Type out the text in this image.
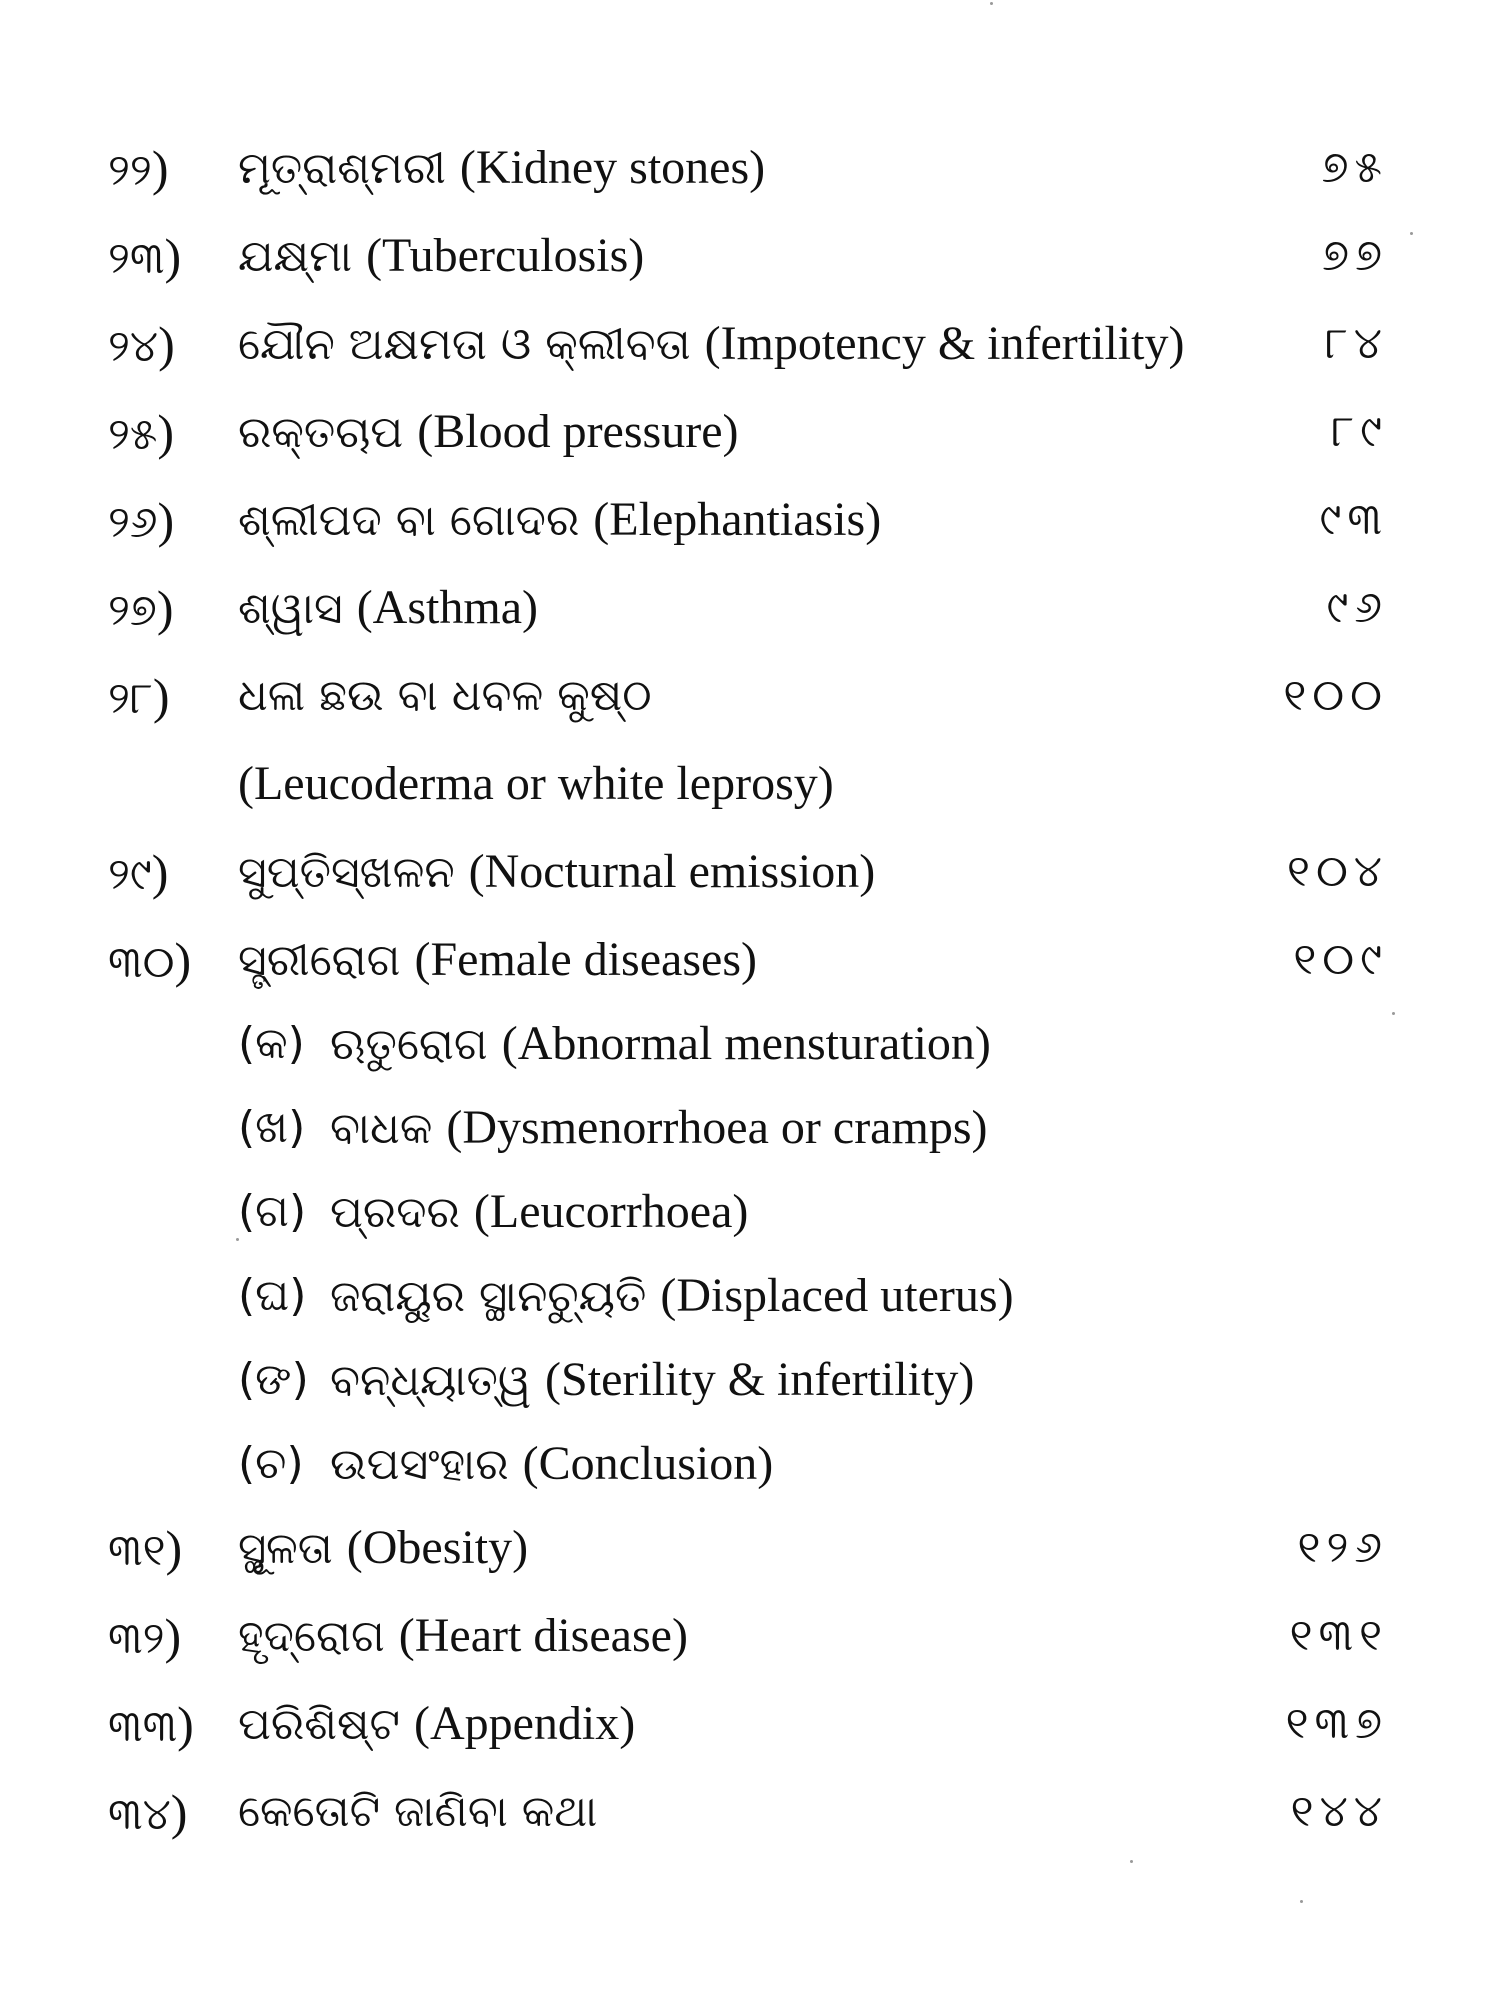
୨୨) ମୂତ୍ରାଶ୍ମରୀ (Kidney stones)	୭୫
୨୩) ଯକ୍ଷ୍ମା (Tuberculosis)	୭୭
୨୪) ଯୌନ ଅକ୍ଷମତା ଓ କ୍ଲୀବତା (Impotency & infertility)	୮୪
୨୫) ରକ୍ତଚାପ (Blood pressure)	୮୯
୨୬) ଶ୍ଲୀପଦ ବା ଗୋଦର (Elephantiasis)	୯୩
୨୭) ଶ୍ୱାସ (Asthma)	୯୬
୨୮) ଧଳା ଛଉ ବା ଧବଳ କୁଷ୍ଠ	୧୦୦
(Leucoderma or white leprosy)
୨୯) ସୁପ୍ତିସ୍ଖଳନ (Nocturnal emission)	୧୦୪
୩୦) ସ୍ତ୍ରୀରୋଗ (Female diseases)	୧୦୯
(କ) ଋତୁରୋଗ (Abnormal mensturation)
(ଖ) ବାଧକ (Dysmenorrhoea or cramps)
(ଗ) ପ୍ରଦର (Leucorrhoea)
(ଘ) ଜରାୟୁର ସ୍ଥାନଚ୍ୟୁତି (Displaced uterus)
(ଙ) ବନ୍ଧ୍ୟାତ୍ୱ (Sterility & infertility)
(ଚ) ଉପସଂହାର (Conclusion)
୩୧) ସ୍ଥୂଳତା (Obesity)	୧୨୬
୩୨) ହୃଦ୍‌ରୋଗ (Heart disease)	୧୩୧
୩୩) ପରିଶିଷ୍ଟ (Appendix)	୧୩୭
୩୪) କେତୋଟି ଜାଣିବା କଥା	୧୪୪
